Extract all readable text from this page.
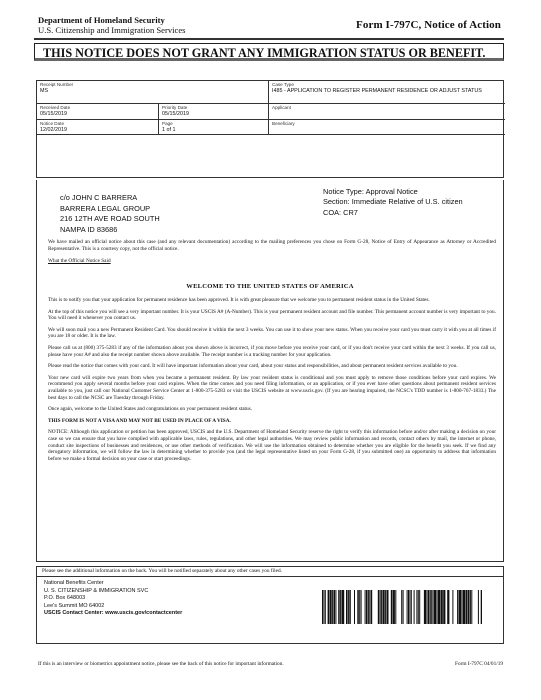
Department of Homeland Security
U.S. Citizenship and Immigration Services	Form I-797C, Notice of Action
THIS NOTICE DOES NOT GRANT ANY IMMIGRATION STATUS OR BENEFIT.
Receipt Number
MS
Case Type
I485 - APPLICATION TO REGISTER PERMANENT RESIDENCE OR ADJUST STATUS
Received Date
05/15/2019
Priority Date
05/15/2019
Applicant
Notice Date
12/02/2019
Page
1 of 1
Beneficiary
c/o JOHN C BARRERA
BARRERA LEGAL GROUP
216 12TH AVE ROAD SOUTH
NAMPA ID 83686
Notice Type: Approval Notice
Section: Immediate Relative of U.S. citizen
COA: CR7

We have mailed an official notice about this case (and any relevant documentation) according to the mailing preferences you chose on Form G-28, Notice of Entry of Appearance as Attorney or Accredited Representative. This is a courtesy copy, not the official notice.

What the Official Notice Said

WELCOME TO THE UNITED STATES OF AMERICA

This is to notify you that your application for permanent residence has been approved. It is with great pleasure that we welcome you to permanent resident status in the United States.

At the top of this notice you will see a very important number. It is your USCIS A# (A-Number). This is your permanent resident account and file number. This permanent account number is very important to you. You will need it whenever you contact us.

We will soon mail you a new Permanent Resident Card. You should receive it within the next 3 weeks. You can use it to show your new status. When you receive your card you must carry it with you at all times if you are 18 or older. It is the law.

Please call us at (800) 375-5283 if any of the information about you shown above is incorrect, if you move before you receive your card, or if you don't receive your card within the next 3 weeks. If you call us, please have your A# and also the receipt number shown above available. The receipt number is a tracking number for your application.

Please read the notice that comes with your card. It will have important information about your card, about your status and responsibilities, and about permanent resident services available to you.

Your new card will expire two years from when you became a permanent resident. By law your resident status is conditional and you must apply to remove those conditions before your card expires. We recommend you apply several months before your card expires. When the time comes and you need filing information, or an application, or if you ever have other questions about permanent resident services available to you, just call our National Customer Service Center at 1-800-375-5283 or visit the USCIS website at www.uscis.gov. (If you are hearing impaired, the NCSC's TDD number is 1-800-767-1833.) The best days to call the NCSC are Tuesday through Friday.

Once again, welcome to the United States and congratulations on your permanent resident status.

THIS FORM IS NOT A VISA AND MAY NOT BE USED IN PLACE OF A VISA.

NOTICE: Although this application or petition has been approved, USCIS and the U.S. Department of Homeland Security reserve the right to verify this information before and/or after making a decision on your case so we can ensure that you have complied with applicable laws, rules, regulations, and other legal authorities. We may review public information and records, contact others by mail, the internet or phone, conduct site inspections of businesses and residences, or use other methods of verification. We will use the information obtained to determine whether you are eligible for the benefit you seek. If we find any derogatory information, we will follow the law in determining whether to provide you (and the legal representative listed on your Form G-28, if you submitted one) an opportunity to address that information before we make a formal decision on your case or start proceedings.

Please see the additional information on the back. You will be notified separately about any other cases you filed.
National Benefits Center
U. S. CITIZENSHIP & IMMIGRATION SVC
P.O. Box 648003
Lee's Summit MO 64002
USCIS Contact Center: www.uscis.gov/contactcenter
If this is an interview or biometrics appointment notice, please see the back of this notice for important information.	Form I-797C 04/01/19
